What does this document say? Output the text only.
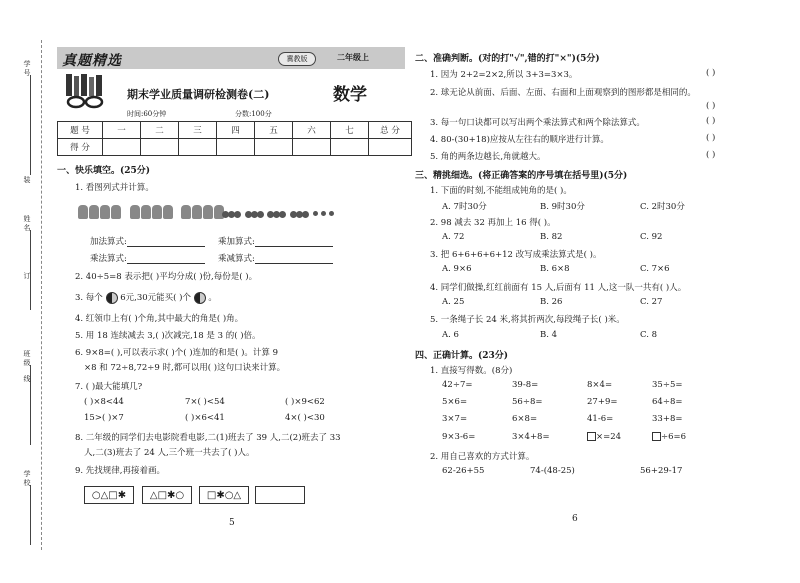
学 号
装
姓 名
订
班 级
线
学 校
真题精选	冀教版	二年级上
期末学业质量调研检测卷(二)	数学
时间:60分钟	分数:100分
题 号	一	二	三	四	五	六	七	总 分
得 分								
一、快乐填空。(25分)
1. 看图列式并计算。

加法算式:	乘加算式:
乘法算式:	乘减算式:
2. 40÷5=8 表示把( )平均分成( )份,每份是( )。
3. 每个 6元,30元能买( )个 。
4. 红领巾上有( )个角,其中最大的角是( )角。
5. 用 18 连续减去 3,( )次减完,18 是 3 的( )倍。
6. 9×8=( ),可以表示求( )个( )连加的和是( )。计算 9
×8 和 72÷8,72÷9 时,都可以用( )这句口诀来计算。
7. ( )最大能填几?
( )×8<44	7×( )<54	( )×9<62
15>( )×7	( )×6<41	4×( )<30
8. 二年级的同学们去电影院看电影,二(1)班去了 39 人,二(2)班去了 33
人,二(3)班去了 24 人,三个班一共去了( )人。
9. 先找规律,再接着画。
○△□✱	△□✱○	□✱○△
5
二、准确判断。(对的打"√",错的打"×")(5分)
1. 因为 2+2=2×2,所以 3+3=3×3。	( )
2. 球无论从前面、后面、左面、右面和上面观察到的图形都是相同的。
( )
3. 每一句口诀都可以写出两个乘法算式和两个除法算式。	( )
4. 80-(30+18)应按从左往右的顺序进行计算。	( )
5. 角的两条边越长,角就越大。	( )
三、精挑细选。(将正确答案的序号填在括号里)(5分)
1. 下面的时刻,不能组成钝角的是( )。
A. 7时30分	B. 9时30分	C. 2时30分
2. 98 减去 32 再加上 16 得( )。
A. 72	B. 82	C. 92
3. 把 6+6+6+6+12 改写成乘法算式是( )。
A. 9×6	B. 6×8	C. 7×6
4. 同学们做操,红红前面有 15 人,后面有 11 人,这一队一共有( )人。
A. 25	B. 26	C. 27
5. 一条绳子长 24 米,将其折两次,每段绳子长( )米。
A. 6	B. 4	C. 8
四、正确计算。(23分)
1. 直接写得数。(8分)
42÷7=	39-8=	8×4=	35÷5=
5×6=	56÷8=	27+9=	64÷8=
3×7=	6×8=	41-6=	33+8=
9×3-6=	3×4+8=	×=24	÷6=6
2. 用自己喜欢的方式计算。
62-26+55	74-(48-25)	56+29-17
6
